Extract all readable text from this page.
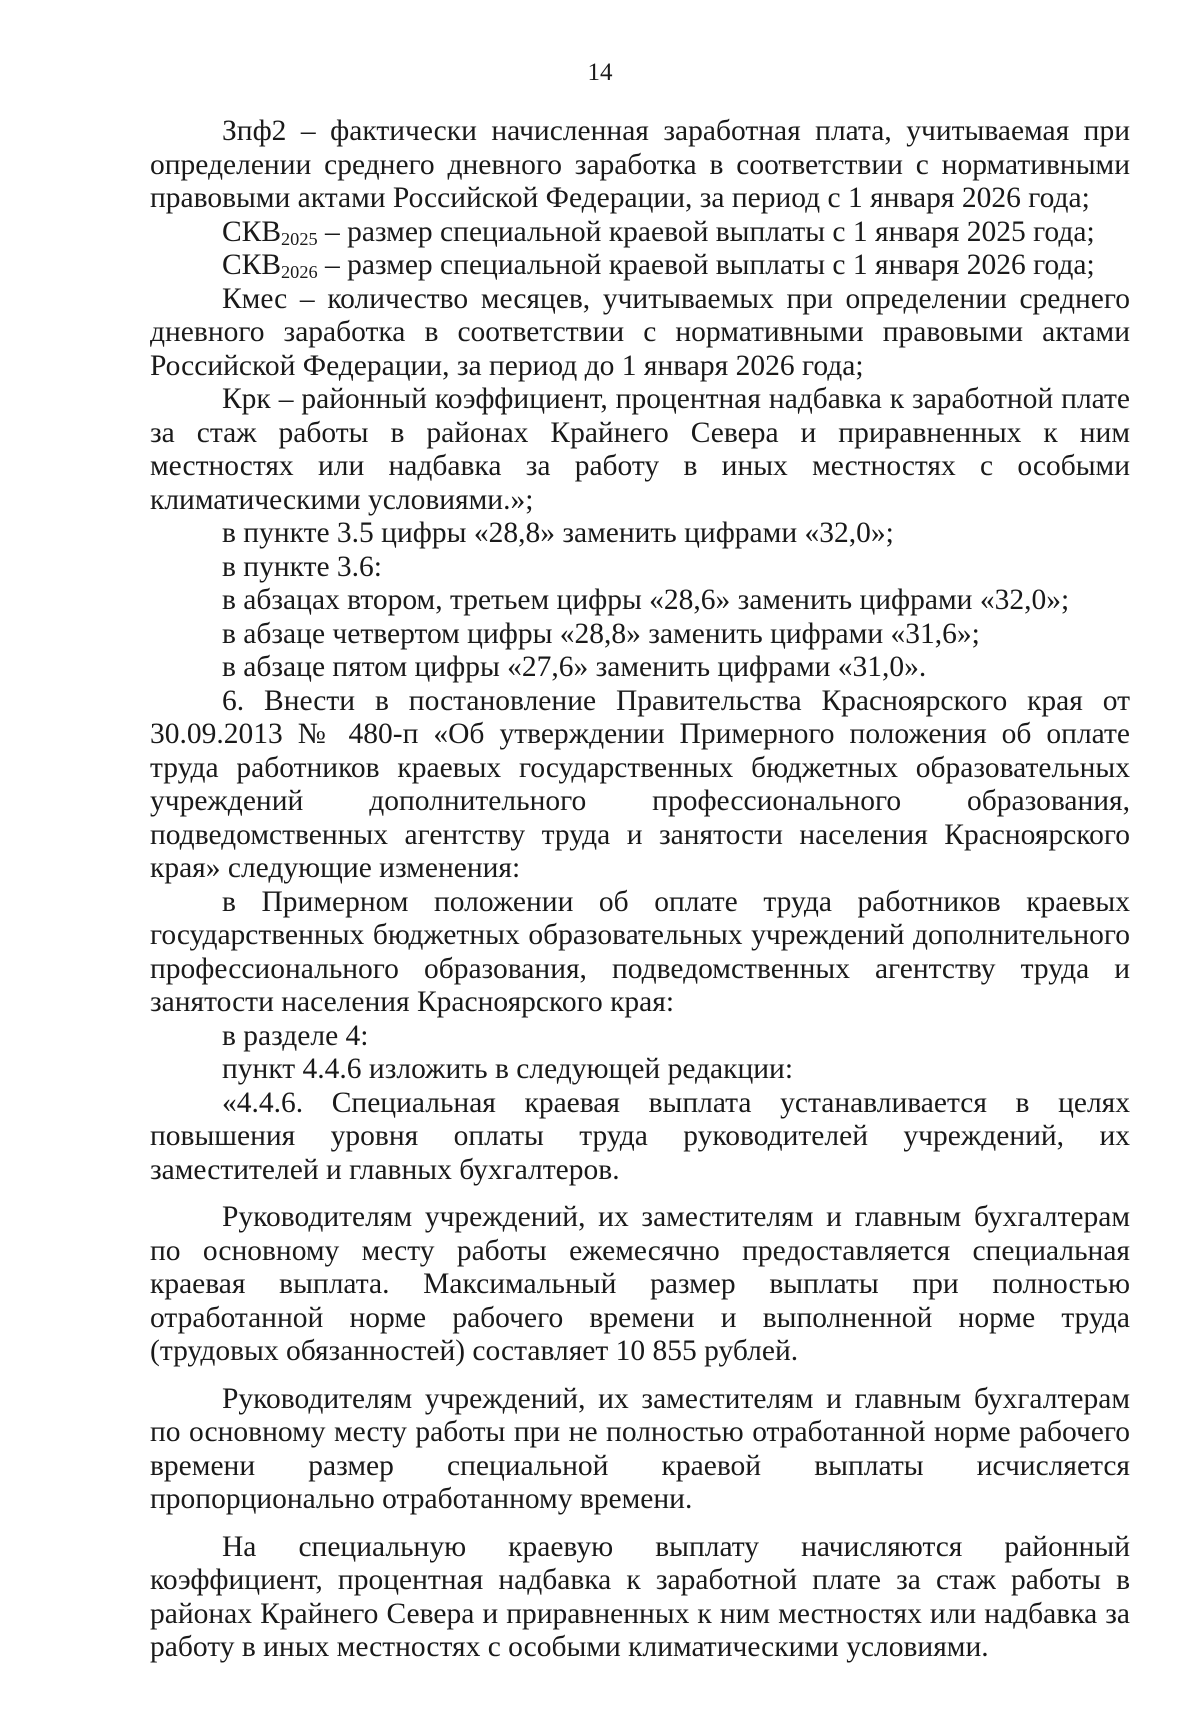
14

Зпф2 – фактически начисленная заработная плата, учитываемая при определении среднего дневного заработка в соответствии с нормативными правовыми актами Российской Федерации, за период с 1 января 2026 года;

$СКВ_{2025}$ – размер специальной краевой выплаты с 1 января 2025 года;

$СКВ_{2026}$ – размер специальной краевой выплаты с 1 января 2026 года;

Кмес – количество месяцев, учитываемых при определении среднего дневного заработка в соответствии с нормативными правовыми актами Российской Федерации, за период до 1 января 2026 года;

Крк – районный коэффициент, процентная надбавка к заработной плате за стаж работы в районах Крайнего Севера и приравненных к ним местностях или надбавка за работу в иных местностях с особыми климатическими условиями.»;

в пункте 3.5 цифры «28,8» заменить цифрами «32,0»;

в пункте 3.6:

в абзацах втором, третьем цифры «28,6» заменить цифрами «32,0»;

в абзаце четвертом цифры «28,8» заменить цифрами «31,6»;

в абзаце пятом цифры «27,6» заменить цифрами «31,0».

6. Внести в постановление Правительства Красноярского края от 30.09.2013 № 480-п «Об утверждении Примерного положения об оплате труда работников краевых государственных бюджетных образовательных учреждений дополнительного профессионального образования, подведомственных агентству труда и занятости населения Красноярского края» следующие изменения:

в Примерном положении об оплате труда работников краевых государственных бюджетных образовательных учреждений дополнительного профессионального образования, подведомственных агентству труда и занятости населения Красноярского края:

в разделе 4:

пункт 4.4.6 изложить в следующей редакции:

«4.4.6. Специальная краевая выплата устанавливается в целях повышения уровня оплаты труда руководителей учреждений, их заместителей и главных бухгалтеров.

Руководителям учреждений, их заместителям и главным бухгалтерам по основному месту работы ежемесячно предоставляется специальная краевая выплата. Максимальный размер выплаты при полностью отработанной норме рабочего времени и выполненной норме труда (трудовых обязанностей) составляет 10 855 рублей.

Руководителям учреждений, их заместителям и главным бухгалтерам по основному месту работы при не полностью отработанной норме рабочего времени размер специальной краевой выплаты исчисляется пропорционально отработанному времени.

На специальную краевую выплату начисляются районный коэффициент, процентная надбавка к заработной плате за стаж работы в районах Крайнего Севера и приравненных к ним местностях или надбавка за работу в иных местностях с особыми климатическими условиями.
